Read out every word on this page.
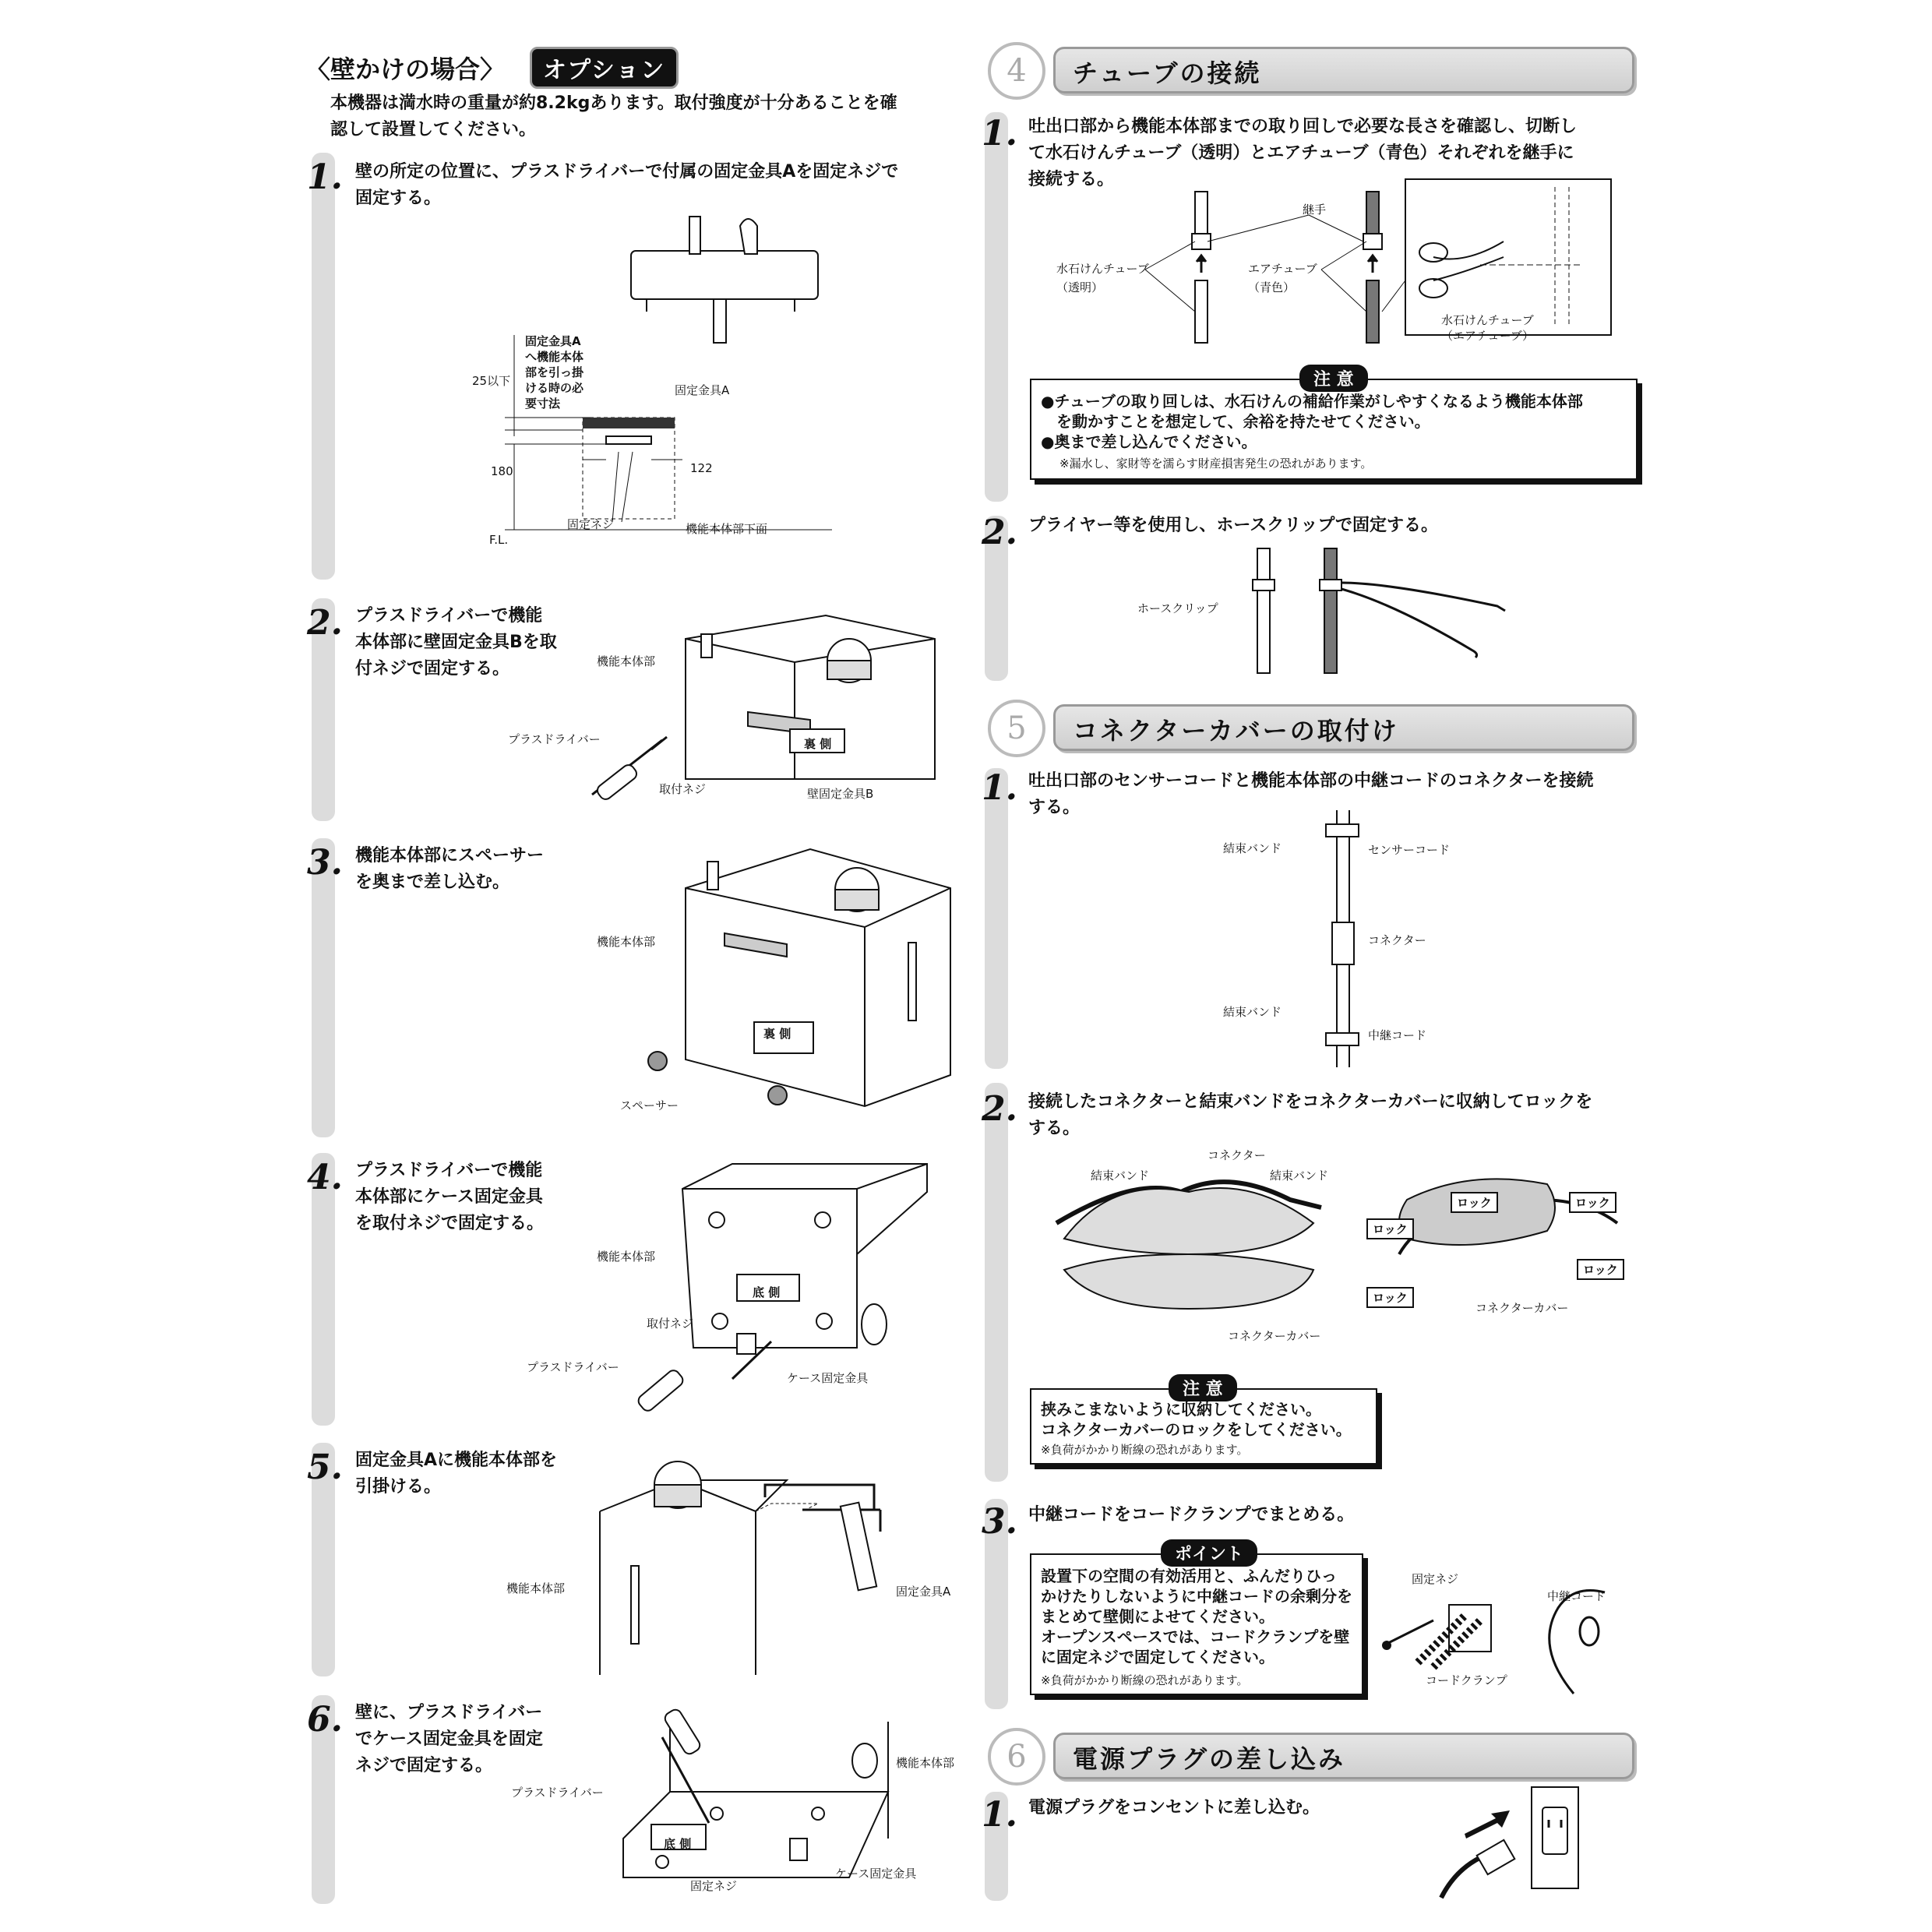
〈壁かけの場合〉	オプション
本機器は満水時の重量が約8.2kgあります。取付強度が十分あることを確
認して設置してください。
1. 壁の所定の位置に、プラスドライバーで付属の固定金具Aを固定ネジで
固定する。
固定金具A
へ機能本体
部を引っ掛
ける時の必
要寸法
25以下
180	122
固定金具A
固定ネジ	機能本体部下面
F.L.
2. プラスドライバーで機能
本体部に壁固定金具Bを取
付ネジで固定する。	機能本体部
プラスドライバー
取付ネジ	壁固定金具B
裏 側
3. 機能本体部にスペーサー
を奥まで差し込む。
機能本体部
スペーサー
裏 側
4. プラスドライバーで機能
本体部にケース固定金具
を取付ネジで固定する。
機能本体部
取付ネジ
プラスドライバー
ケース固定金具
底 側
5. 固定金具Aに機能本体部を
引掛ける。
機能本体部	固定金具A
6. 壁に、プラスドライバー
でケース固定金具を固定
ネジで固定する。
プラスドライバー
機能本体部
ケース固定金具
固定ネジ
底 側
4	チューブの接続
1. 吐出口部から機能本体部までの取り回しで必要な長さを確認し、切断し
て水石けんチューブ（透明）とエアチューブ（青色）それぞれを継手に
接続する。
継手
水石けんチューブ
（透明）
エアチューブ
（青色）
水石けんチューブ
（エアチューブ）
注 意
●チューブの取り回しは、水石けんの補給作業がしやすくなるよう機能本体部
　を動かすことを想定して、余裕を持たせてください。
●奥まで差し込んでください。
※漏水し、家財等を濡らす財産損害発生の恐れがあります。
2. プライヤー等を使用し、ホースクリップで固定する。
ホースクリップ
5	コネクターカバーの取付け
1. 吐出口部のセンサーコードと機能本体部の中継コードのコネクターを接続
する。
結束バンド	センサーコード
コネクター
結束バンド
中継コード
2. 接続したコネクターと結束バンドをコネクターカバーに収納してロックを
する。
結束バンド
コネクター
結束バンド
コネクターカバー
ロック	ロック
ロック
ロック
ロック
コネクターカバー
注 意
挟みこまないように収納してください。
コネクターカバーのロックをしてください。
※負荷がかかり断線の恐れがあります。
3. 中継コードをコードクランプでまとめる。
ポイント
設置下の空間の有効活用と、ふんだりひっ
かけたりしないように中継コードの余剰分を
まとめて壁側によせてください。
オープンスペースでは、コードクランプを壁
に固定ネジで固定してください。
※負荷がかかり断線の恐れがあります。
固定ネジ
中継コード
コードクランプ
6	電源プラグの差し込み
1. 電源プラグをコンセントに差し込む。
